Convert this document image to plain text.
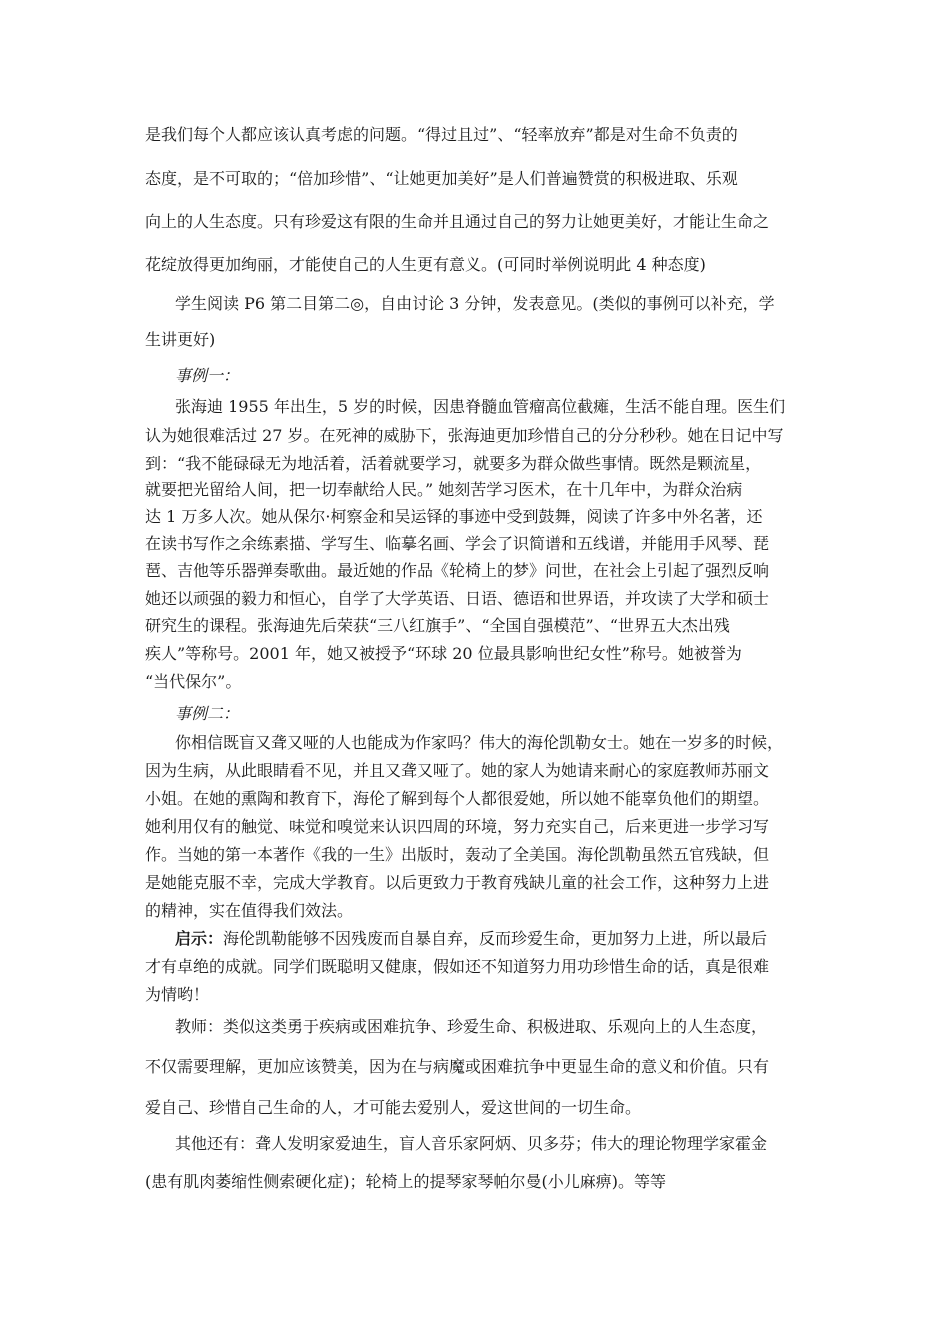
是我们每个人都应该认真考虑的问题。“得过且过”、“轻率放弃”都是对生命不负责的
态度，是不可取的；“倍加珍惜”、“让她更加美好”是人们普遍赞赏的积极进取、乐观
向上的人生态度。只有珍爱这有限的生命并且通过自己的努力让她更美好，才能让生命之
花绽放得更加绚丽，才能使自己的人生更有意义。(可同时举例说明此 4 种态度)
学生阅读 P6 第二目第二◎，自由讨论 3 分钟，发表意见。(类似的事例可以补充，学
生讲更好)
事例一：
张海迪 1955 年出生，5 岁的时候，因患脊髓血管瘤高位截瘫，生活不能自理。医生们
认为她很难活过 27 岁。在死神的威胁下，张海迪更加珍惜自己的分分秒秒。她在日记中写
到：“我不能碌碌无为地活着，活着就要学习，就要多为群众做些事情。既然是颗流星，
就要把光留给人间，把一切奉献给人民。” 她刻苦学习医术，在十几年中，为群众治病
达 1 万多人次。她从保尔·柯察金和吴运铎的事迹中受到鼓舞，阅读了许多中外名著，还
在读书写作之余练素描、学写生、临摹名画、学会了识简谱和五线谱，并能用手风琴、琵
琶、吉他等乐器弹奏歌曲。最近她的作品《轮椅上的梦》问世，在社会上引起了强烈反响
她还以顽强的毅力和恒心，自学了大学英语、日语、德语和世界语，并攻读了大学和硕士
研究生的课程。张海迪先后荣获“三八红旗手”、“全国自强模范”、“世界五大杰出残
疾人”等称号。2001 年，她又被授予“环球 20 位最具影响世纪女性”称号。她被誉为
“当代保尔”。
事例二：
你相信既盲又聋又哑的人也能成为作家吗？伟大的海伦凯勒女士。她在一岁多的时候，
因为生病，从此眼睛看不见，并且又聋又哑了。她的家人为她请来耐心的家庭教师苏丽文
小姐。在她的熏陶和教育下，海伦了解到每个人都很爱她，所以她不能辜负他们的期望。
她利用仅有的触觉、味觉和嗅觉来认识四周的环境，努力充实自己，后来更进一步学习写
作。当她的第一本著作《我的一生》出版时，轰动了全美国。海伦凯勒虽然五官残缺，但
是她能克服不幸，完成大学教育。以后更致力于教育残缺儿童的社会工作，这种努力上进
的精神，实在值得我们效法。
启示：海伦凯勒能够不因残废而自暴自弃，反而珍爱生命，更加努力上进，所以最后
才有卓绝的成就。同学们既聪明又健康，假如还不知道努力用功珍惜生命的话，真是很难
为情哟！
教师：类似这类勇于疾病或困难抗争、珍爱生命、积极进取、乐观向上的人生态度，
不仅需要理解，更加应该赞美，因为在与病魔或困难抗争中更显生命的意义和价值。只有
爱自己、珍惜自己生命的人，才可能去爱别人，爱这世间的一切生命。
其他还有：聋人发明家爱迪生，盲人音乐家阿炳、贝多芬；伟大的理论物理学家霍金
(患有肌肉萎缩性侧索硬化症)；轮椅上的提琴家琴帕尔曼(小儿麻痹)。等等
